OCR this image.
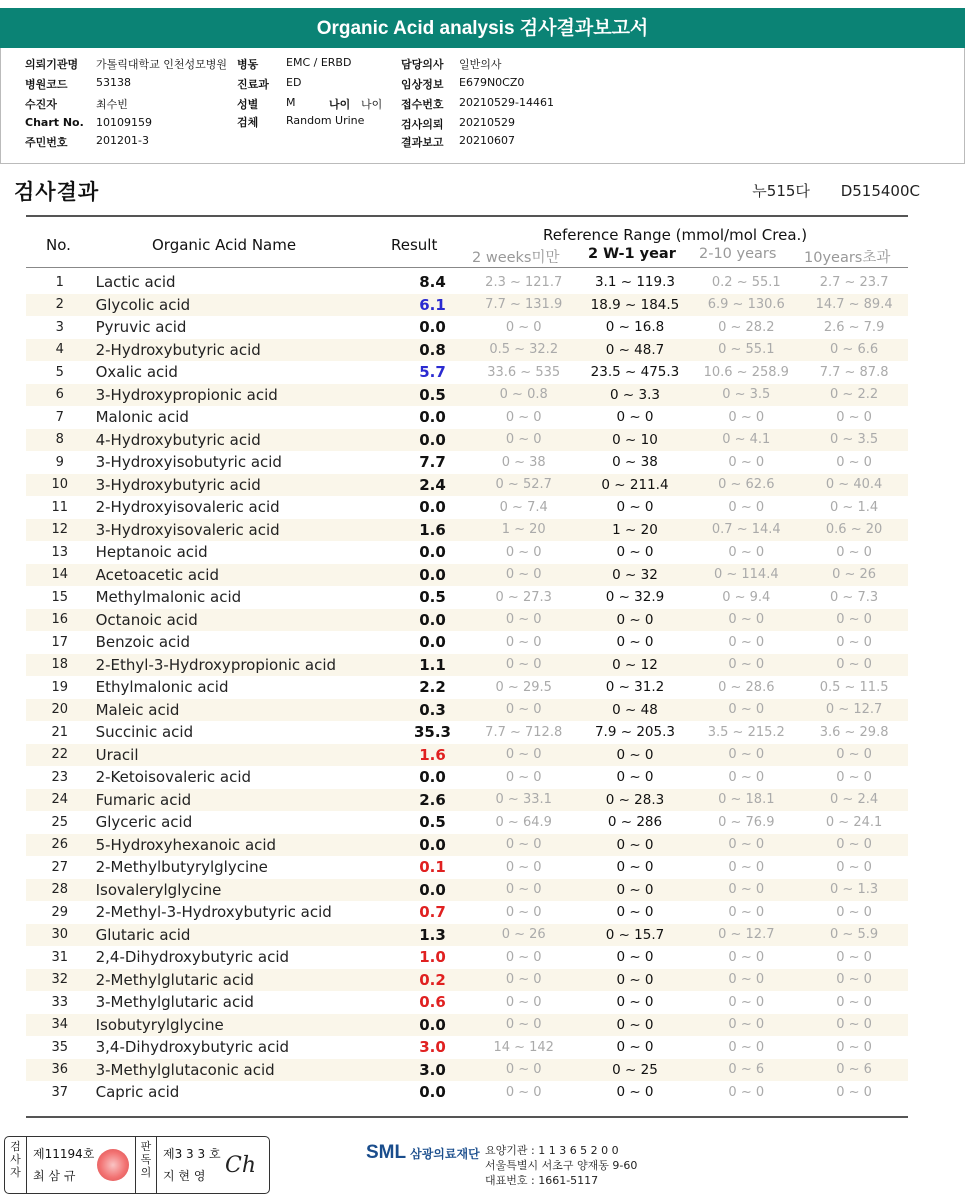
Organic Acid analysis 검사결과보고서
의뢰기관명 가톨릭대학교 인천성모병원
병원코드	53138
수진자	최수빈
Chart No. 10109159
주민번호	201201-3
병동	EMC / ERBD
진료과 ED
성별	M	나이 나이
검체	Random Urine
담당의사 일반의사
임상정보 E679N0CZ0
접수번호 20210529-14461
검사의뢰 20210529
결과보고 20210607
검사결과	누515다 D515400C
No.	Organic Acid Name	Result
Reference Range (mmol/mol Crea.)
2 weeks미만 2 W-1 year 2-10 years 10years초과
1	Lactic acid	8.4	2.3 ~ 121.7	3.1 ~ 119.3	0.2 ~ 55.1	2.7 ~ 23.7
2	Glycolic acid	6.1	7.7 ~ 131.9	18.9 ~ 184.5	6.9 ~ 130.6	14.7 ~ 89.4
3	Pyruvic acid	0.0	0 ~ 0	0 ~ 16.8	0 ~ 28.2	2.6 ~ 7.9
4	2-Hydroxybutyric acid	0.8	0.5 ~ 32.2	0 ~ 48.7	0 ~ 55.1	0 ~ 6.6
5	Oxalic acid	5.7	33.6 ~ 535	23.5 ~ 475.3	10.6 ~ 258.9	7.7 ~ 87.8
6	3-Hydroxypropionic acid	0.5	0 ~ 0.8	0 ~ 3.3	0 ~ 3.5	0 ~ 2.2
7	Malonic acid	0.0	0 ~ 0	0 ~ 0	0 ~ 0	0 ~ 0
8	4-Hydroxybutyric acid	0.0	0 ~ 0	0 ~ 10	0 ~ 4.1	0 ~ 3.5
9	3-Hydroxyisobutyric acid	7.7	0 ~ 38	0 ~ 38	0 ~ 0	0 ~ 0
10	3-Hydroxybutyric acid	2.4	0 ~ 52.7	0 ~ 211.4	0 ~ 62.6	0 ~ 40.4
11	2-Hydroxyisovaleric acid	0.0	0 ~ 7.4	0 ~ 0	0 ~ 0	0 ~ 1.4
12	3-Hydroxyisovaleric acid	1.6	1 ~ 20	1 ~ 20	0.7 ~ 14.4	0.6 ~ 20
13	Heptanoic acid	0.0	0 ~ 0	0 ~ 0	0 ~ 0	0 ~ 0
14	Acetoacetic acid	0.0	0 ~ 0	0 ~ 32	0 ~ 114.4	0 ~ 26
15	Methylmalonic acid	0.5	0 ~ 27.3	0 ~ 32.9	0 ~ 9.4	0 ~ 7.3
16	Octanoic acid	0.0	0 ~ 0	0 ~ 0	0 ~ 0	0 ~ 0
17	Benzoic acid	0.0	0 ~ 0	0 ~ 0	0 ~ 0	0 ~ 0
18	2-Ethyl-3-Hydroxypropionic acid	1.1	0 ~ 0	0 ~ 12	0 ~ 0	0 ~ 0
19	Ethylmalonic acid	2.2	0 ~ 29.5	0 ~ 31.2	0 ~ 28.6	0.5 ~ 11.5
20	Maleic acid	0.3	0 ~ 0	0 ~ 48	0 ~ 0	0 ~ 12.7
21	Succinic acid	35.3	7.7 ~ 712.8	7.9 ~ 205.3	3.5 ~ 215.2	3.6 ~ 29.8
22	Uracil	1.6	0 ~ 0	0 ~ 0	0 ~ 0	0 ~ 0
23	2-Ketoisovaleric acid	0.0	0 ~ 0	0 ~ 0	0 ~ 0	0 ~ 0
24	Fumaric acid	2.6	0 ~ 33.1	0 ~ 28.3	0 ~ 18.1	0 ~ 2.4
25	Glyceric acid	0.5	0 ~ 64.9	0 ~ 286	0 ~ 76.9	0 ~ 24.1
26	5-Hydroxyhexanoic acid	0.0	0 ~ 0	0 ~ 0	0 ~ 0	0 ~ 0
27	2-Methylbutyrylglycine	0.1	0 ~ 0	0 ~ 0	0 ~ 0	0 ~ 0
28	Isovalerylglycine	0.0	0 ~ 0	0 ~ 0	0 ~ 0	0 ~ 1.3
29	2-Methyl-3-Hydroxybutyric acid	0.7	0 ~ 0	0 ~ 0	0 ~ 0	0 ~ 0
30	Glutaric acid	1.3	0 ~ 26	0 ~ 15.7	0 ~ 12.7	0 ~ 5.9
31	2,4-Dihydroxybutyric acid	1.0	0 ~ 0	0 ~ 0	0 ~ 0	0 ~ 0
32	2-Methylglutaric acid	0.2	0 ~ 0	0 ~ 0	0 ~ 0	0 ~ 0
33	3-Methylglutaric acid	0.6	0 ~ 0	0 ~ 0	0 ~ 0	0 ~ 0
34	Isobutyrylglycine	0.0	0 ~ 0	0 ~ 0	0 ~ 0	0 ~ 0
35	3,4-Dihydroxybutyric acid	3.0	14 ~ 142	0 ~ 0	0 ~ 0	0 ~ 0
36	3-Methylglutaconic acid	3.0	0 ~ 0	0 ~ 25	0 ~ 6	0 ~ 6
37	Capric acid	0.0	0 ~ 0	0 ~ 0	0 ~ 0	0 ~ 0
검사자
제11194호
최 삼 규
판독의
제3 3 3 호
지 현 영 Ch
SML 삼광의료재단 요양기관 : 1 1 3 6 5 2 0 0
서울특별시 서초구 양재동 9-60
대표번호 : 1661-5117
